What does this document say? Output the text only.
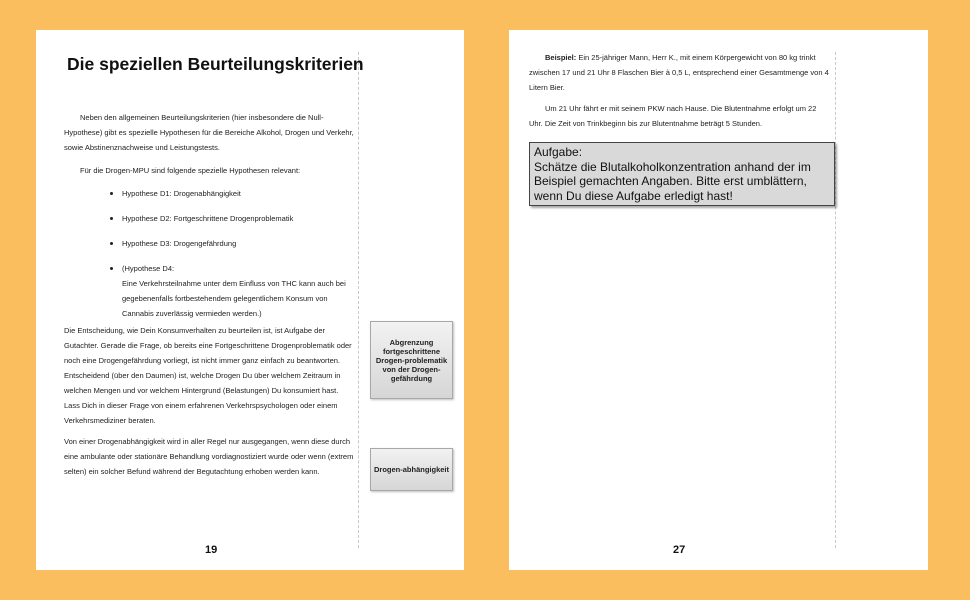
Die speziellen Beurteilungskriterien

Neben den allgemeinen Beurteilungskriterien (hier insbesondere die Null-Hypothese) gibt es spezielle Hypothesen für die Bereiche Alkohol, Drogen und Verkehr, sowie Abstinenznachweise und Leistungstests.

Für die Drogen-MPU sind folgende spezielle Hypothesen relevant:

Hypothese D1: Drogenabhängigkeit
Hypothese D2: Fortgeschrittene Drogenproblematik
Hypothese D3: Drogengefährdung
(Hypothese D4:
Eine Verkehrsteilnahme unter dem Einfluss von THC kann auch bei gegebenenfalls fortbestehendem gelegentlichem Konsum von Cannabis zuverlässig vermieden werden.)

Die Entscheidung, wie Dein Konsumverhalten zu beurteilen ist, ist Aufgabe der Gutachter. Gerade die Frage, ob bereits eine Fortgeschrittene Drogenproblematik oder noch eine Drogengefährdung vorliegt, ist nicht immer ganz einfach zu beantworten. Entscheidend (über den Daumen) ist, welche Drogen Du über welchem Zeitraum in welchen Mengen und vor welchem Hintergrund (Belastungen) Du konsumiert hast. Lass Dich in dieser Frage von einem erfahrenen Verkehrspsychologen oder einem Verkehrsmediziner beraten.

Von einer Drogenabhängigkeit wird in aller Regel nur ausgegangen, wenn diese durch eine ambulante oder stationäre Behandlung vordiagnostiziert wurde oder wenn (extrem selten) ein solcher Befund während der Begutachtung erhoben werden kann.

Abgrenzung fortgeschrittene Drogen-problematik von der Drogen-gefährdung
Drogen-abhängigkeit
19

Beispiel: Ein 25-jähriger Mann, Herr K., mit einem Körpergewicht von 80 kg trinkt zwischen 17 und 21 Uhr 8 Flaschen Bier à 0,5 L, entsprechend einer Gesamtmenge von 4 Litern Bier.

Um 21 Uhr fährt er mit seinem PKW nach Hause. Die Blutentnahme erfolgt um 22 Uhr. Die Zeit von Trinkbeginn bis zur Blutentnahme beträgt 5 Stunden.

Aufgabe:
Schätze die Blutalkoholkonzentration anhand der im Beispiel gemachten Angaben. Bitte erst umblättern, wenn Du diese Aufgabe erledigt hast!
27
